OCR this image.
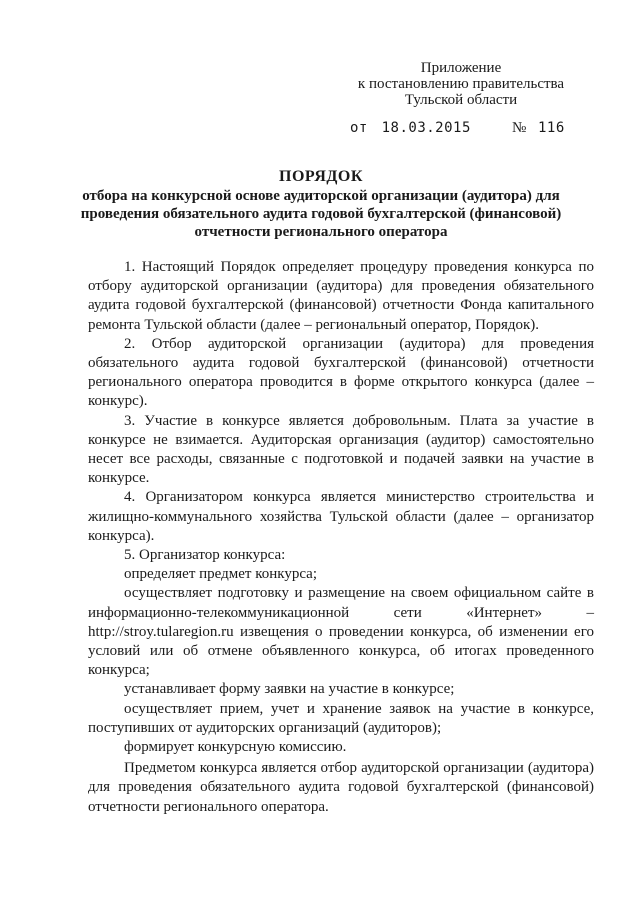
Приложение
к постановлению правительства
Тульской области
от 18.03.2015	№ 116
ПОРЯДОК
отбора на конкурсной основе аудиторской организации (аудитора) для проведения обязательного аудита годовой бухгалтерской (финансовой) отчетности регионального оператора

1. Настоящий Порядок определяет процедуру проведения конкурса по отбору аудиторской организации (аудитора) для проведения обязательного аудита годовой бухгалтерской (финансовой) отчетности Фонда капитального ремонта Тульской области (далее – региональный оператор, Порядок).

2. Отбор аудиторской организации (аудитора) для проведения обязательного аудита годовой бухгалтерской (финансовой) отчетности регионального оператора проводится в форме открытого конкурса (далее – конкурс).

3. Участие в конкурсе является добровольным. Плата за участие в конкурсе не взимается. Аудиторская организация (аудитор) самостоятельно несет все расходы, связанные с подготовкой и подачей заявки на участие в конкурсе.

4. Организатором конкурса является министерство строительства и жилищно-коммунального хозяйства Тульской области (далее – организатор конкурса).

5. Организатор конкурса:

определяет предмет конкурса;

осуществляет подготовку и размещение на своем официальном сайте в информационно-телекоммуникационной сети «Интернет» – http://stroy.tularegion.ru извещения о проведении конкурса, об изменении его условий или об отмене объявленного конкурса, об итогах проведенного конкурса;

устанавливает форму заявки на участие в конкурсе;

осуществляет прием, учет и хранение заявок на участие в конкурсе, поступивших от аудиторских организаций (аудиторов);

формирует конкурсную комиссию.

Предметом конкурса является отбор аудиторской организации (аудитора) для проведения обязательного аудита годовой бухгалтерской (финансовой) отчетности регионального оператора.
